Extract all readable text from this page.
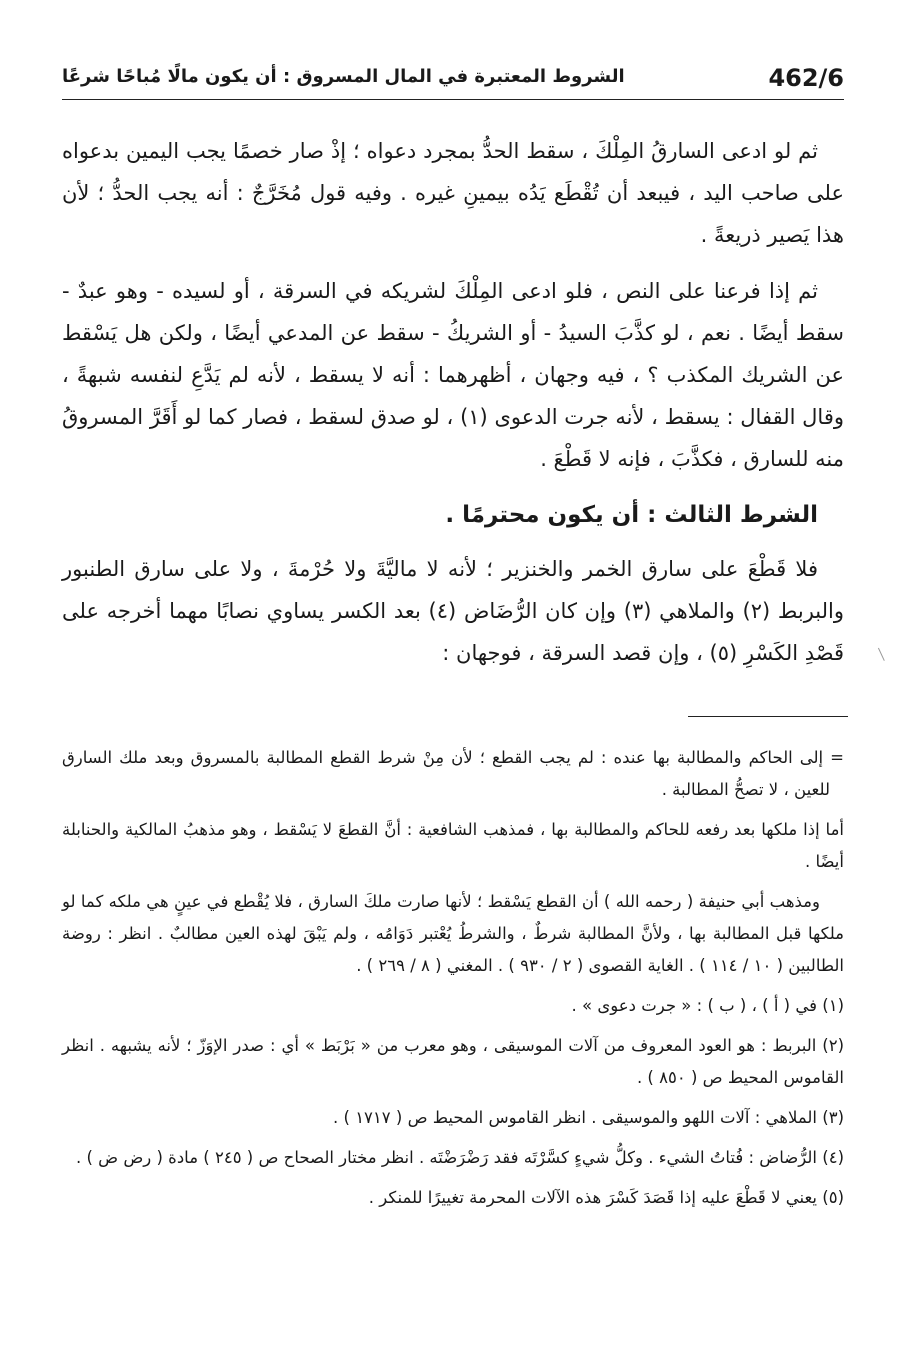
462/6
الشروط المعتبرة في المال المسروق : أن يكون مالًا مُباحًا شرعًا

ثم لو ادعى السارقُ المِلْكَ ، سقط الحدُّ بمجرد دعواه ؛ إذْ صار خصمًا يجب اليمين بدعواه على صاحب اليد ، فيبعد أن تُقْطَع يَدُه بيمينِ غيره . وفيه قول مُخَرَّجٌ : أنه يجب الحدُّ ؛ لأن هذا يَصير ذريعةً .

ثم إذا فرعنا على النص ، فلو ادعى المِلْكَ لشريكه في السرقة ، أو لسيده - وهو عبدٌ - سقط أيضًا . نعم ، لو كذَّبَ السيدُ - أو الشريكُ - سقط عن المدعي أيضًا ، ولكن هل يَسْقط عن الشريك المكذب ؟ ، فيه وجهان ، أظهرهما : أنه لا يسقط ، لأنه لم يَدَّعِ لنفسه شبهةً ، وقال القفال : يسقط ، لأنه جرت الدعوى (١) ، لو صدق لسقط ، فصار كما لو أَقَرَّ المسروقُ منه للسارق ، فكذَّبَ ، فإنه لا قَطْعَ .

الشرط الثالث : أن يكون محترمًا .

فلا قَطْعَ على سارق الخمر والخنزير ؛ لأنه لا ماليَّةَ ولا حُرْمةَ ، ولا على سارق الطنبور والبربط (٢) والملاهي (٣) وإن كان الرُّضَاض (٤) بعد الكسر يساوي نصابًا مهما أخرجه على قَصْدِ الكَسْرِ (٥) ، وإن قصد السرقة ، فوجهان :

= إلى الحاكم والمطالبة بها عنده : لم يجب القطع ؛ لأن مِنْ شرط القطع المطالبة بالمسروق وبعد ملك السارق للعين ، لا تصحُّ المطالبة .

أما إذا ملكها بعد رفعه للحاكم والمطالبة بها ، فمذهب الشافعية : أنَّ القطعَ لا يَسْقط ، وهو مذهبُ المالكية والحنابلة أيضًا .

ومذهب أبي حنيفة ( رحمه الله ) أن القطع يَسْقط ؛ لأنها صارت ملكَ السارق ، فلا يُقْطع في عينٍ هي ملكه كما لو ملكها قبل المطالبة بها ، ولأنَّ المطالبة شرطٌ ، والشرطُ يُعْتبر دَوَامُه ، ولم يَبْقَ لهذه العين مطالبٌ . انظر : روضة الطالبين ( ١٠ / ١١٤ ) . الغاية القصوى ( ٢ / ٩٣٠ ) . المغني ( ٨ / ٢٦٩ ) .

(١) في ( أ ) ، ( ب ) : « جرت دعوى » .

(٢) البربط : هو العود المعروف من آلات الموسيقى ، وهو معرب من « بَرْبَط » أي : صدر الإوَزّ ؛ لأنه يشبهه . انظر القاموس المحيط ص ( ٨٥٠ ) .

(٣) الملاهي : آلات اللهو والموسيقى . انظر القاموس المحيط ص ( ١٧١٧ ) .

(٤) الرُّضاض : فُتاتُ الشيء . وكلُّ شيءٍ كسَّرْتَه فقد رَضْرَضْتَه . انظر مختار الصحاح ص ( ٢٤٥ ) مادة ( رض ض ) .

(٥) يعني لا قَطْعَ عليه إذا قَصَدَ كَسْرَ هذه الآلات المحرمة تغييرًا للمنكر .
